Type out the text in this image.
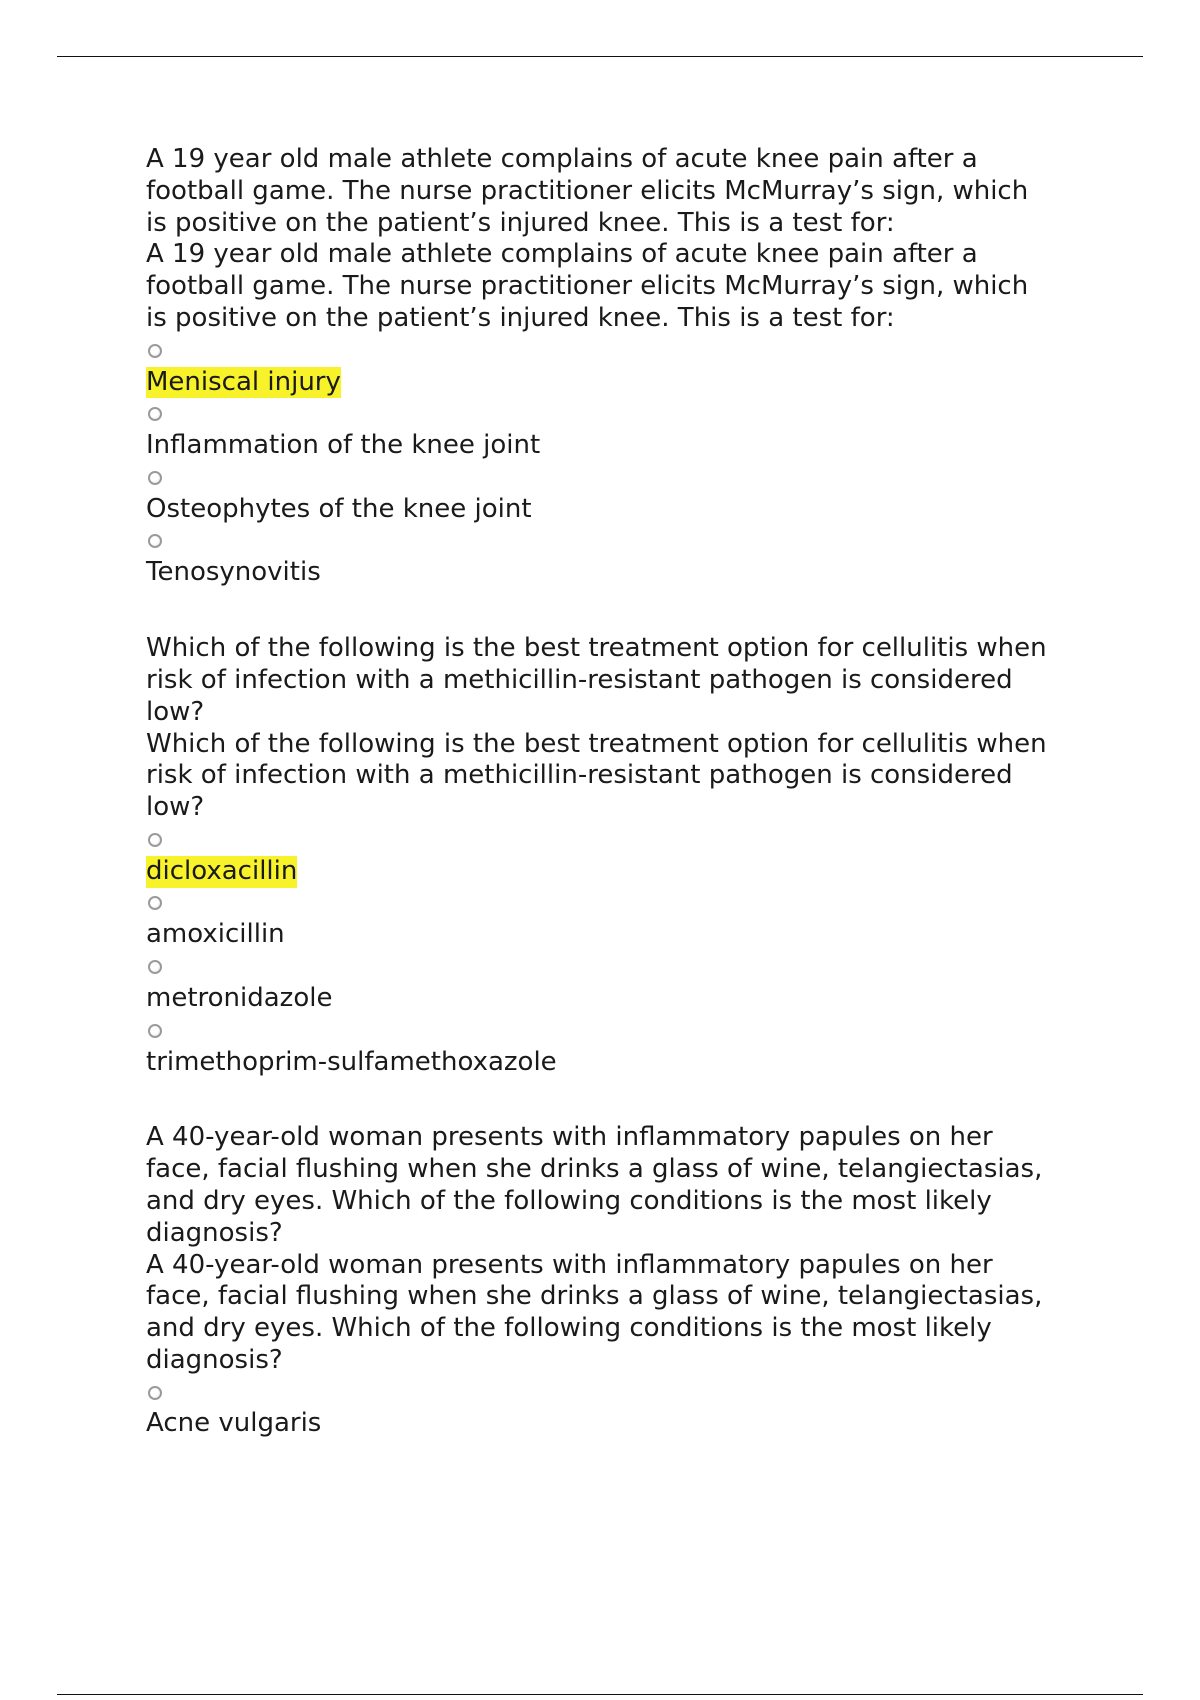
A 19 year old male athlete complains of acute knee pain after a
football game. The nurse practitioner elicits McMurray’s sign, which
is positive on the patient’s injured knee. This is a test for:
A 19 year old male athlete complains of acute knee pain after a
football game. The nurse practitioner elicits McMurray’s sign, which
is positive on the patient’s injured knee. This is a test for:
Meniscal injury
Inflammation of the knee joint
Osteophytes of the knee joint
Tenosynovitis
Which of the following is the best treatment option for cellulitis when
risk of infection with a methicillin-resistant pathogen is considered
low?
Which of the following is the best treatment option for cellulitis when
risk of infection with a methicillin-resistant pathogen is considered
low?
dicloxacillin
amoxicillin
metronidazole
trimethoprim-sulfamethoxazole
A 40-year-old woman presents with inflammatory papules on her
face, facial flushing when she drinks a glass of wine, telangiectasias,
and dry eyes. Which of the following conditions is the most likely
diagnosis?
A 40-year-old woman presents with inflammatory papules on her
face, facial flushing when she drinks a glass of wine, telangiectasias,
and dry eyes. Which of the following conditions is the most likely
diagnosis?
Acne vulgaris
